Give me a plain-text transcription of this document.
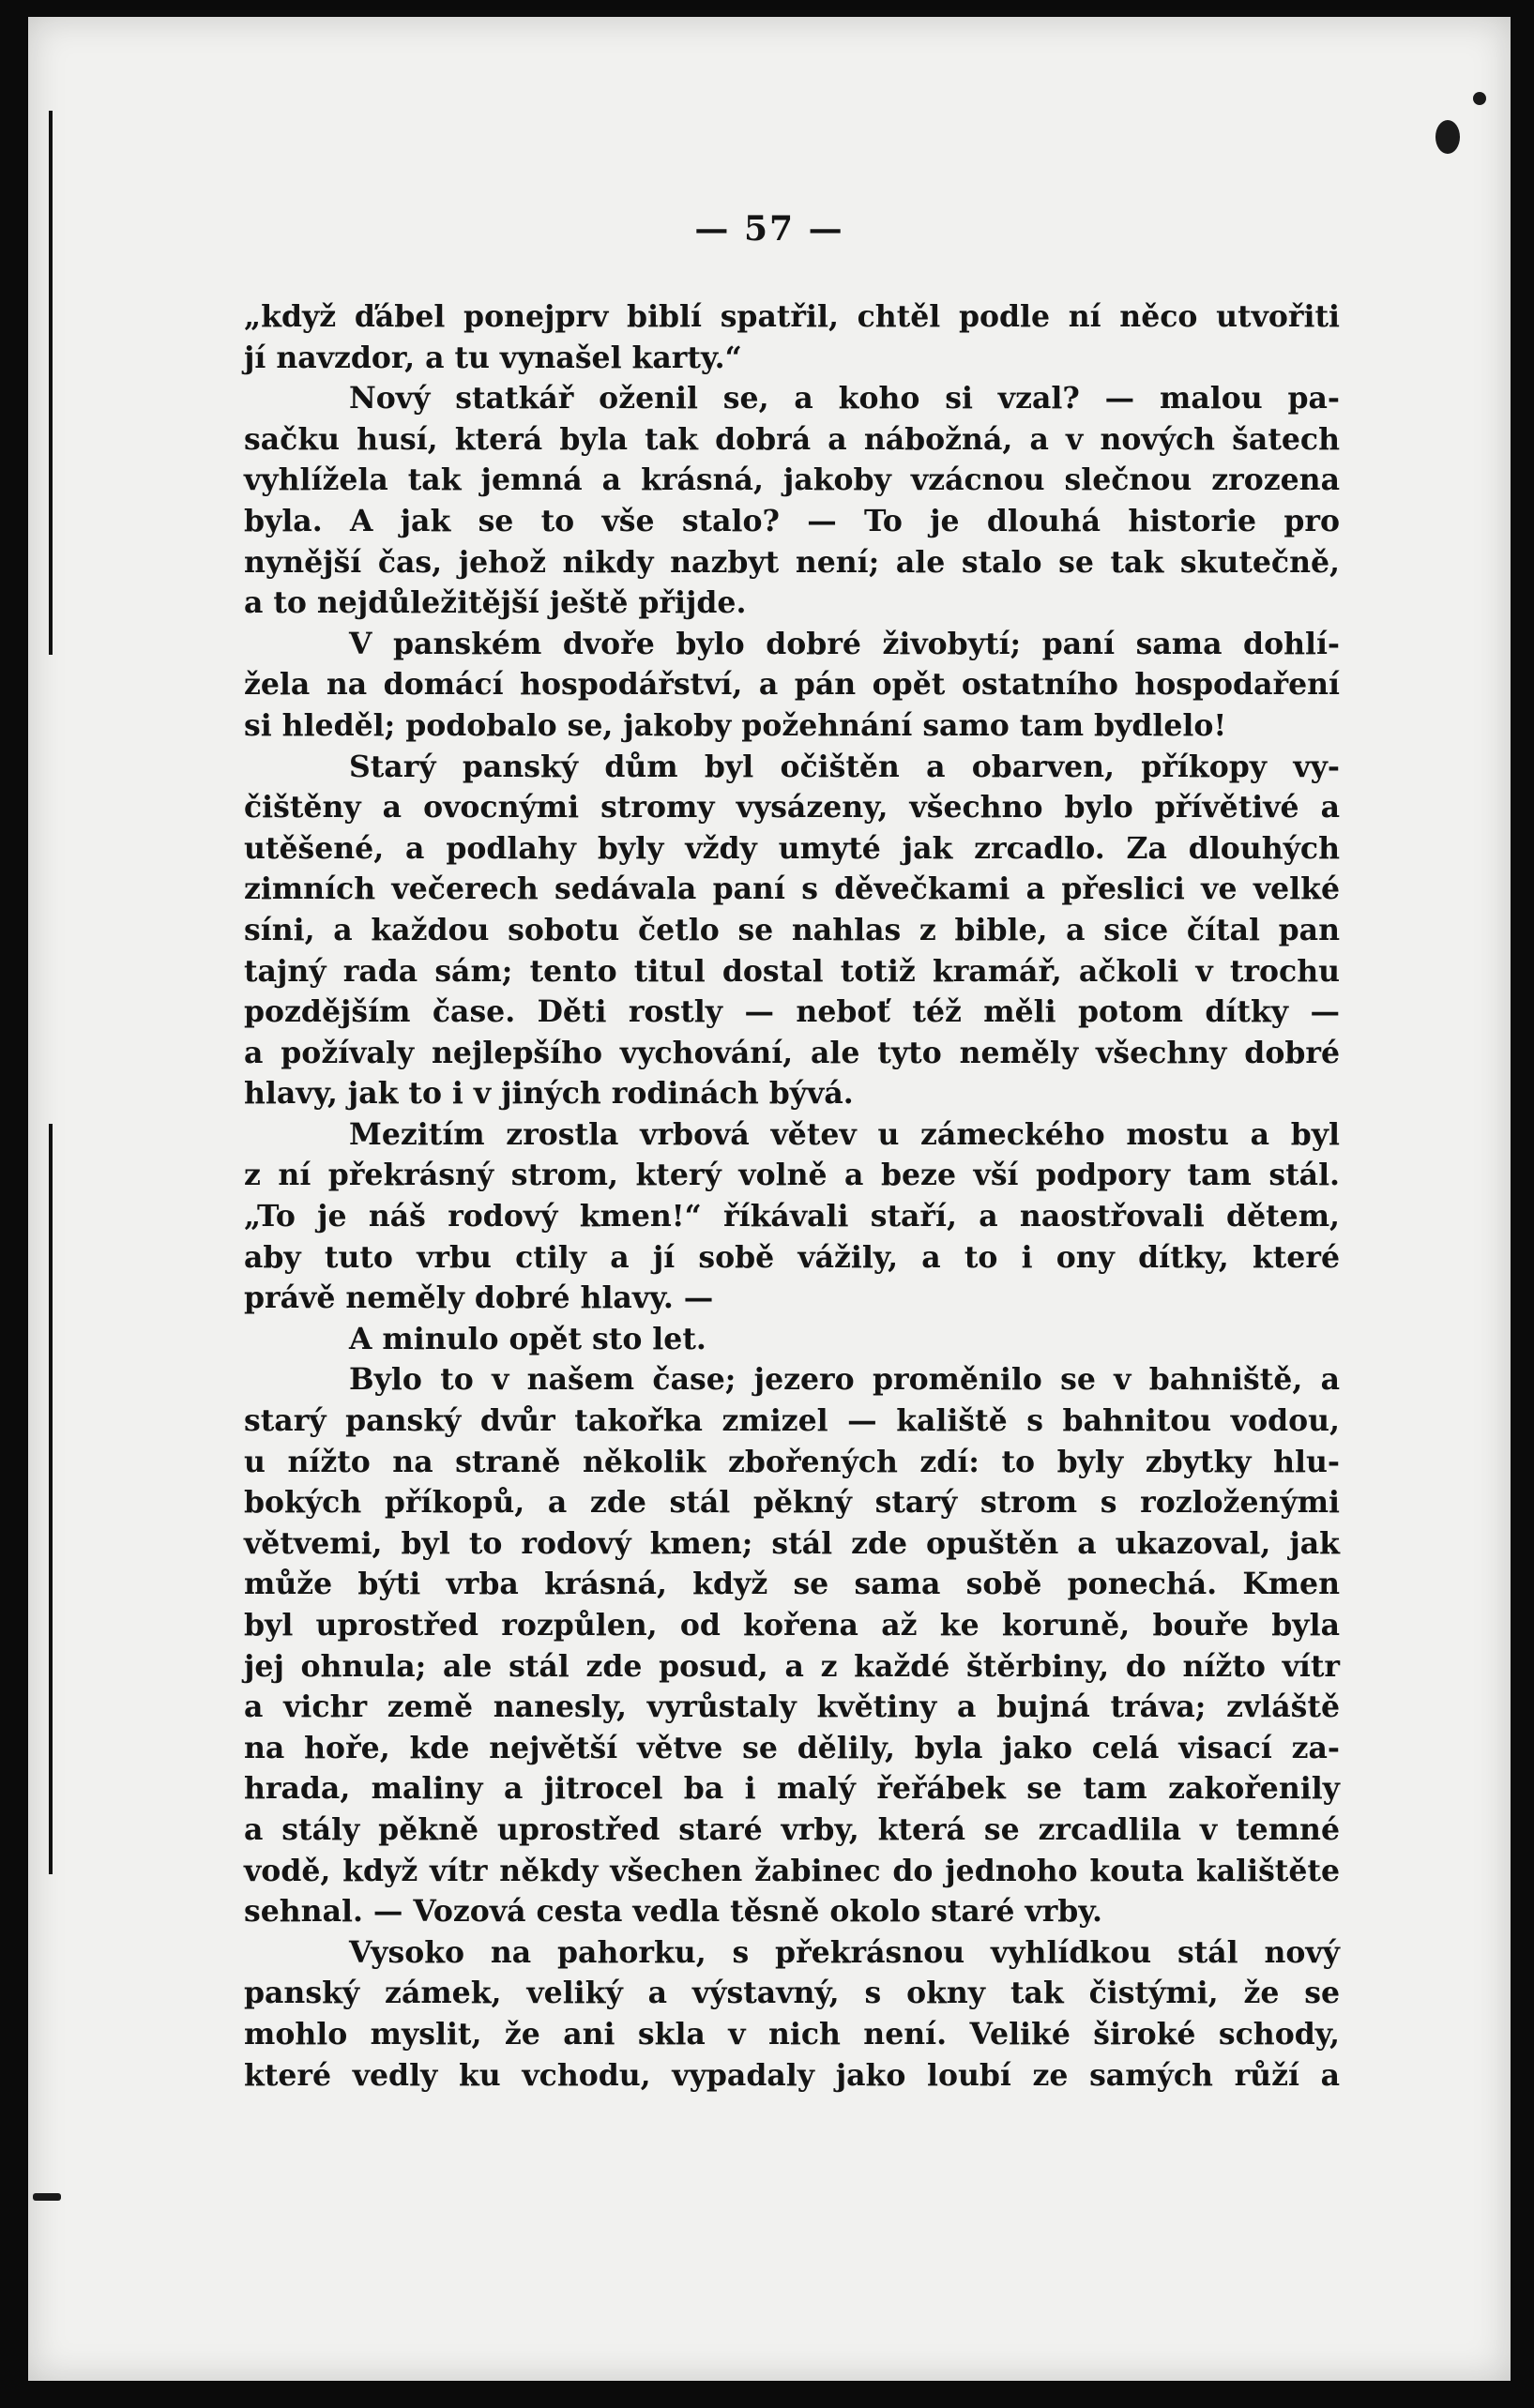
— 57 —
„když ďábel ponejprv biblí spatřil, chtěl podle ní něco utvořiti
jí navzdor, a tu vynašel karty.“
Nový statkář oženil se, a koho si vzal? — malou pa-
sačku husí, která byla tak dobrá a nábožná, a v nových šatech
vyhlížela tak jemná a krásná, jakoby vzácnou slečnou zrozena
byla. A jak se to vše stalo? — To je dlouhá historie pro
nynější čas, jehož nikdy nazbyt není; ale stalo se tak skutečně,
a to nejdůležitější ještě přijde.
V panském dvoře bylo dobré živobytí; paní sama dohlí-
žela na domácí hospodářství, a pán opět ostatního hospodaření
si hleděl; podobalo se, jakoby požehnání samo tam bydlelo!
Starý panský dům byl očištěn a obarven, příkopy vy-
čištěny a ovocnými stromy vysázeny, všechno bylo přívětivé a
utěšené, a podlahy byly vždy umyté jak zrcadlo. Za dlouhých
zimních večerech sedávala paní s děvečkami a přeslici ve velké
síni, a každou sobotu četlo se nahlas z bible, a sice čítal pan
tajný rada sám; tento titul dostal totiž kramář, ačkoli v trochu
pozdějším čase. Děti rostly — neboť též měli potom dítky —
a požívaly nejlepšího vychování, ale tyto neměly všechny dobré
hlavy, jak to i v jiných rodinách bývá.
Mezitím zrostla vrbová větev u zámeckého mostu a byl
z ní překrásný strom, který volně a beze vší podpory tam stál.
„To je náš rodový kmen!“ říkávali staří, a naostřovali dětem,
aby tuto vrbu ctily a jí sobě vážily, a to i ony dítky, které
právě neměly dobré hlavy. —
A minulo opět sto let.
Bylo to v našem čase; jezero proměnilo se v bahniště, a
starý panský dvůr takořka zmizel — kaliště s bahnitou vodou,
u nížto na straně několik zbořených zdí: to byly zbytky hlu-
bokých příkopů, a zde stál pěkný starý strom s rozloženými
větvemi, byl to rodový kmen; stál zde opuštěn a ukazoval, jak
může býti vrba krásná, když se sama sobě ponechá. Kmen
byl uprostřed rozpůlen, od kořena až ke koruně, bouře byla
jej ohnula; ale stál zde posud, a z každé štěrbiny, do nížto vítr
a vichr země nanesly, vyrůstaly květiny a bujná tráva; zvláště
na hoře, kde největší větve se dělily, byla jako celá visací za-
hrada, maliny a jitrocel ba i malý řeřábek se tam zakořenily
a stály pěkně uprostřed staré vrby, která se zrcadlila v temné
vodě, když vítr někdy všechen žabinec do jednoho kouta kalištěte
sehnal. — Vozová cesta vedla těsně okolo staré vrby.
Vysoko na pahorku, s překrásnou vyhlídkou stál nový
panský zámek, veliký a výstavný, s okny tak čistými, že se
mohlo myslit, že ani skla v nich není. Veliké široké schody,
které vedly ku vchodu, vypadaly jako loubí ze samých růží a
